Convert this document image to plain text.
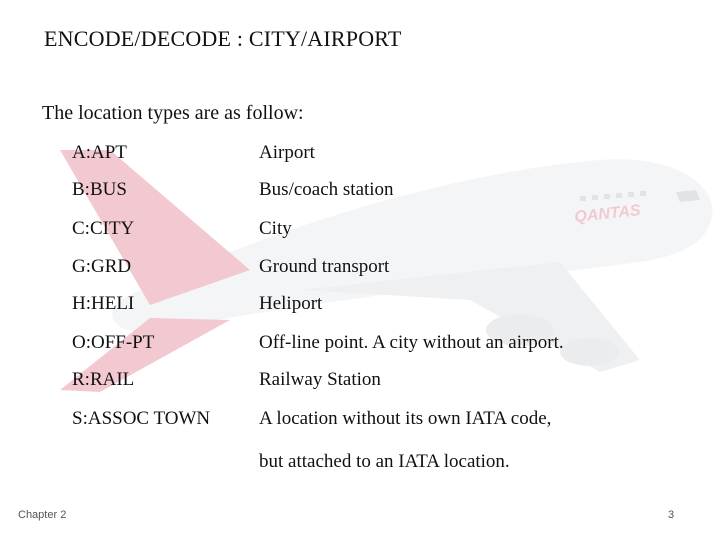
QANTAS
ENCODE/DECODE : CITY/AIRPORT
The location types are as follow:
A:APT	Airport
B:BUS	Bus/coach station
C:CITY	City
G:GRD	Ground transport
H:HELI	Heliport
O:OFF-PT	Off-line point. A city without an airport.
R:RAIL	Railway Station
S:ASSOC TOWN	A location without its own IATA code,
but attached to an IATA location.
Chapter 2	3
